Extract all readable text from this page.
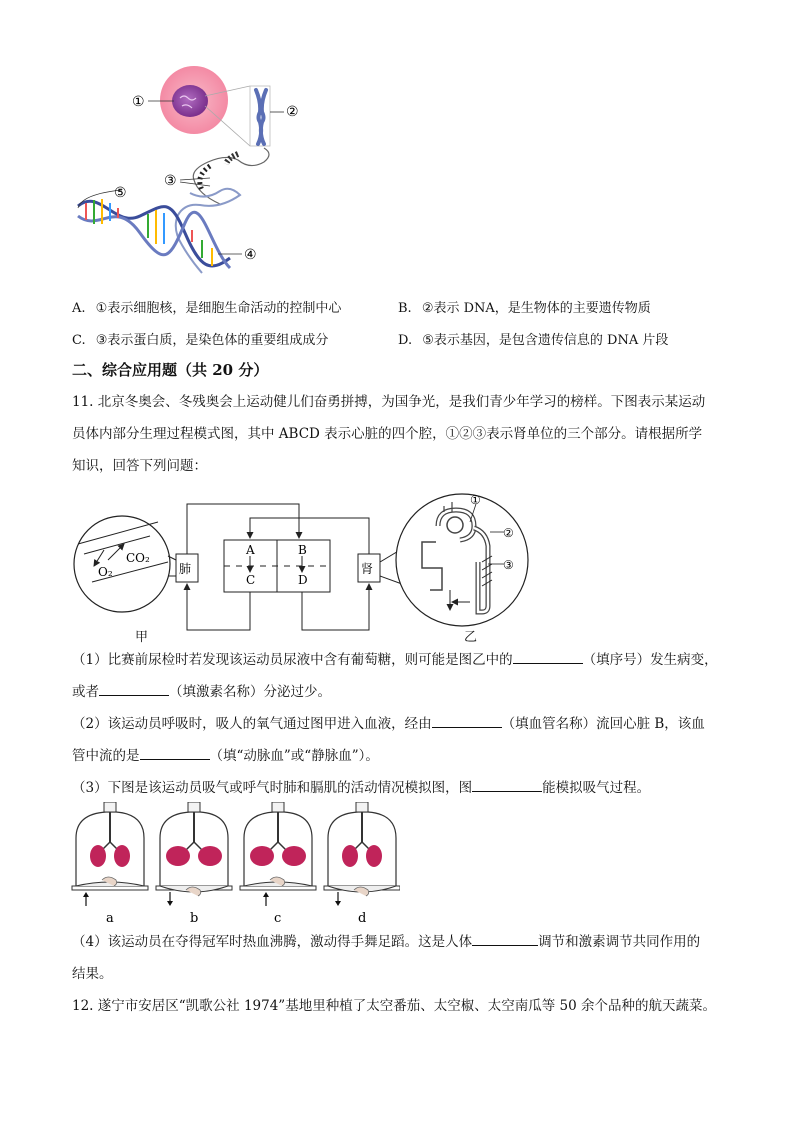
①
②
③
⑤
④
A. ①表示细胞核，是细胞生命活动的控制中心	B. ②表示 DNA，是生物体的主要遗传物质
C. ③表示蛋白质，是染色体的重要组成成分	D. ⑤表示基因，是包含遗传信息的 DNA 片段
二、综合应用题（共 20 分）
11. 北京冬奥会、冬残奥会上运动健儿们奋勇拼搏，为国争光，是我们青少年学习的榜样。下图表示某运动
员体内部分生理过程模式图，其中 ABCD 表示心脏的四个腔，①②③表示肾单位的三个部分。请根据所学
知识，回答下列问题：
CO₂
O₂	肺
A	B
C	D
肾
①
②
③
甲	乙
（1）比赛前尿检时若发现该运动员尿液中含有葡萄糖，则可能是图乙中的	（填序号）发生病变，
或者	（填激素名称）分泌过少。
（2）该运动员呼吸时，吸人的氧气通过图甲进入血液，经由	（填血管名称）流回心脏 B，该血
管中流的是	（填“动脉血”或“静脉血”）。
（3）下图是该运动员吸气或呼气时肺和膈肌的活动情况模拟图，图	能模拟吸气过程。
a	b	c	d
（4）该运动员在夺得冠军时热血沸腾，激动得手舞足蹈。这是人体	调节和激素调节共同作用的
结果。
12. 遂宁市安居区“凯歌公社 1974”基地里种植了太空番茄、太空椒、太空南瓜等 50 余个品种的航天蔬菜。
